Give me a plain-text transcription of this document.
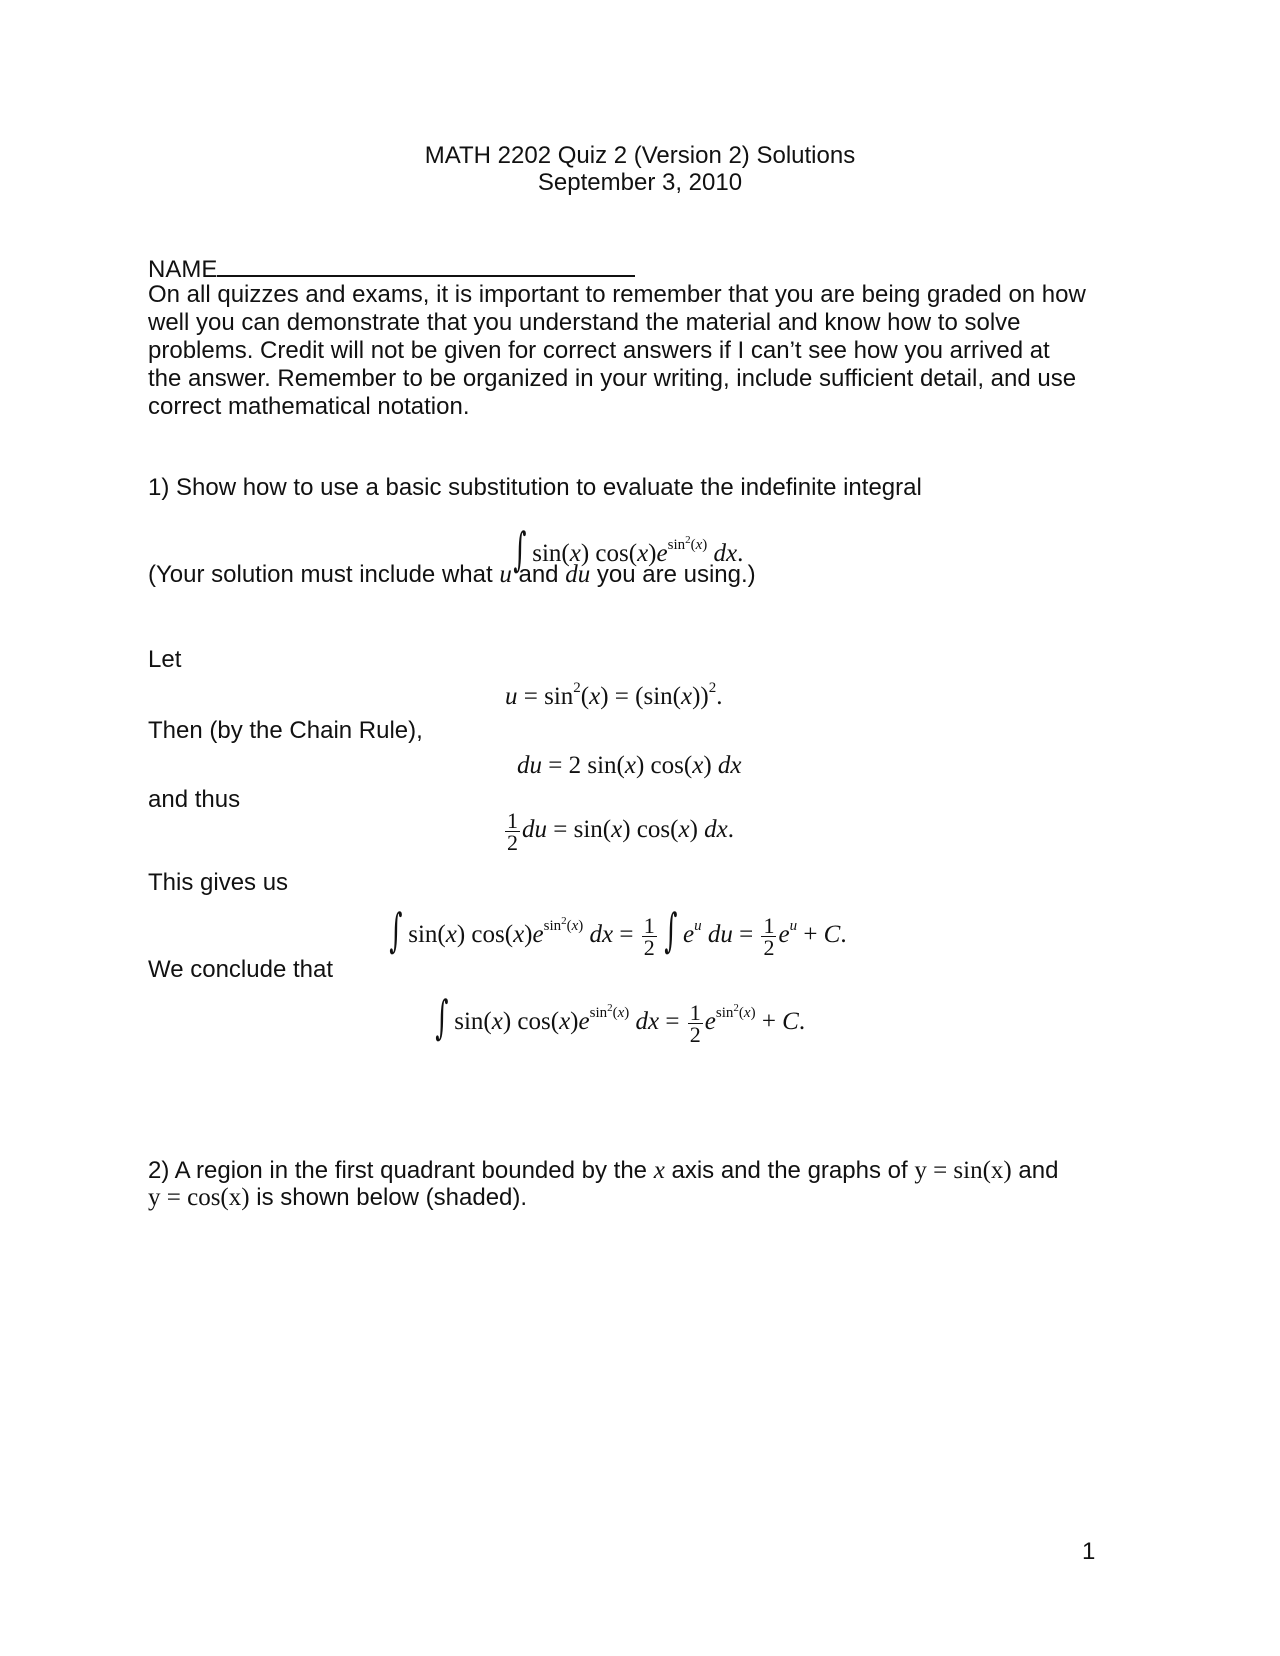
MATH 2202 Quiz 2 (Version 2) Solutions
September 3, 2010
NAME
On all quizzes and exams, it is important to remember that you are being graded on how well you can demonstrate that you understand the material and know how to solve problems. Credit will not be given for correct answers if I can’t see how you arrived at the answer. Remember to be organized in your writing, include sufficient detail, and use correct mathematical notation.
1) Show how to use a basic substitution to evaluate the indefinite integral
∫ sin(x) $\cos(x)e^{sin^2(x)}$ dx.
(Your solution must include what u and du you are using.)
Let
$u = \sin^2(x) = (\sin(x))^2$.
Then (by the Chain Rule),
du = 2 sin(x) cos(x) dx
and thus
$\frac{1}{2}$ du = sin(x) cos(x) dx.
This gives us
∫ sin(x) $\cos(x)e^{sin^2(x)}$ dx = $\frac{1}{2}$ ∫ $e^u$ du = $\frac{1}{2} e^u + C$.
We conclude that
∫ sin(x) $\cos(x)e^{sin^2(x)}$ dx = $\frac{1}{2} e^{sin^2(x)} + C$.
2) A region in the first quadrant bounded by the x axis and the graphs of y = sin(x) and
y = cos(x) is shown below (shaded).
1
